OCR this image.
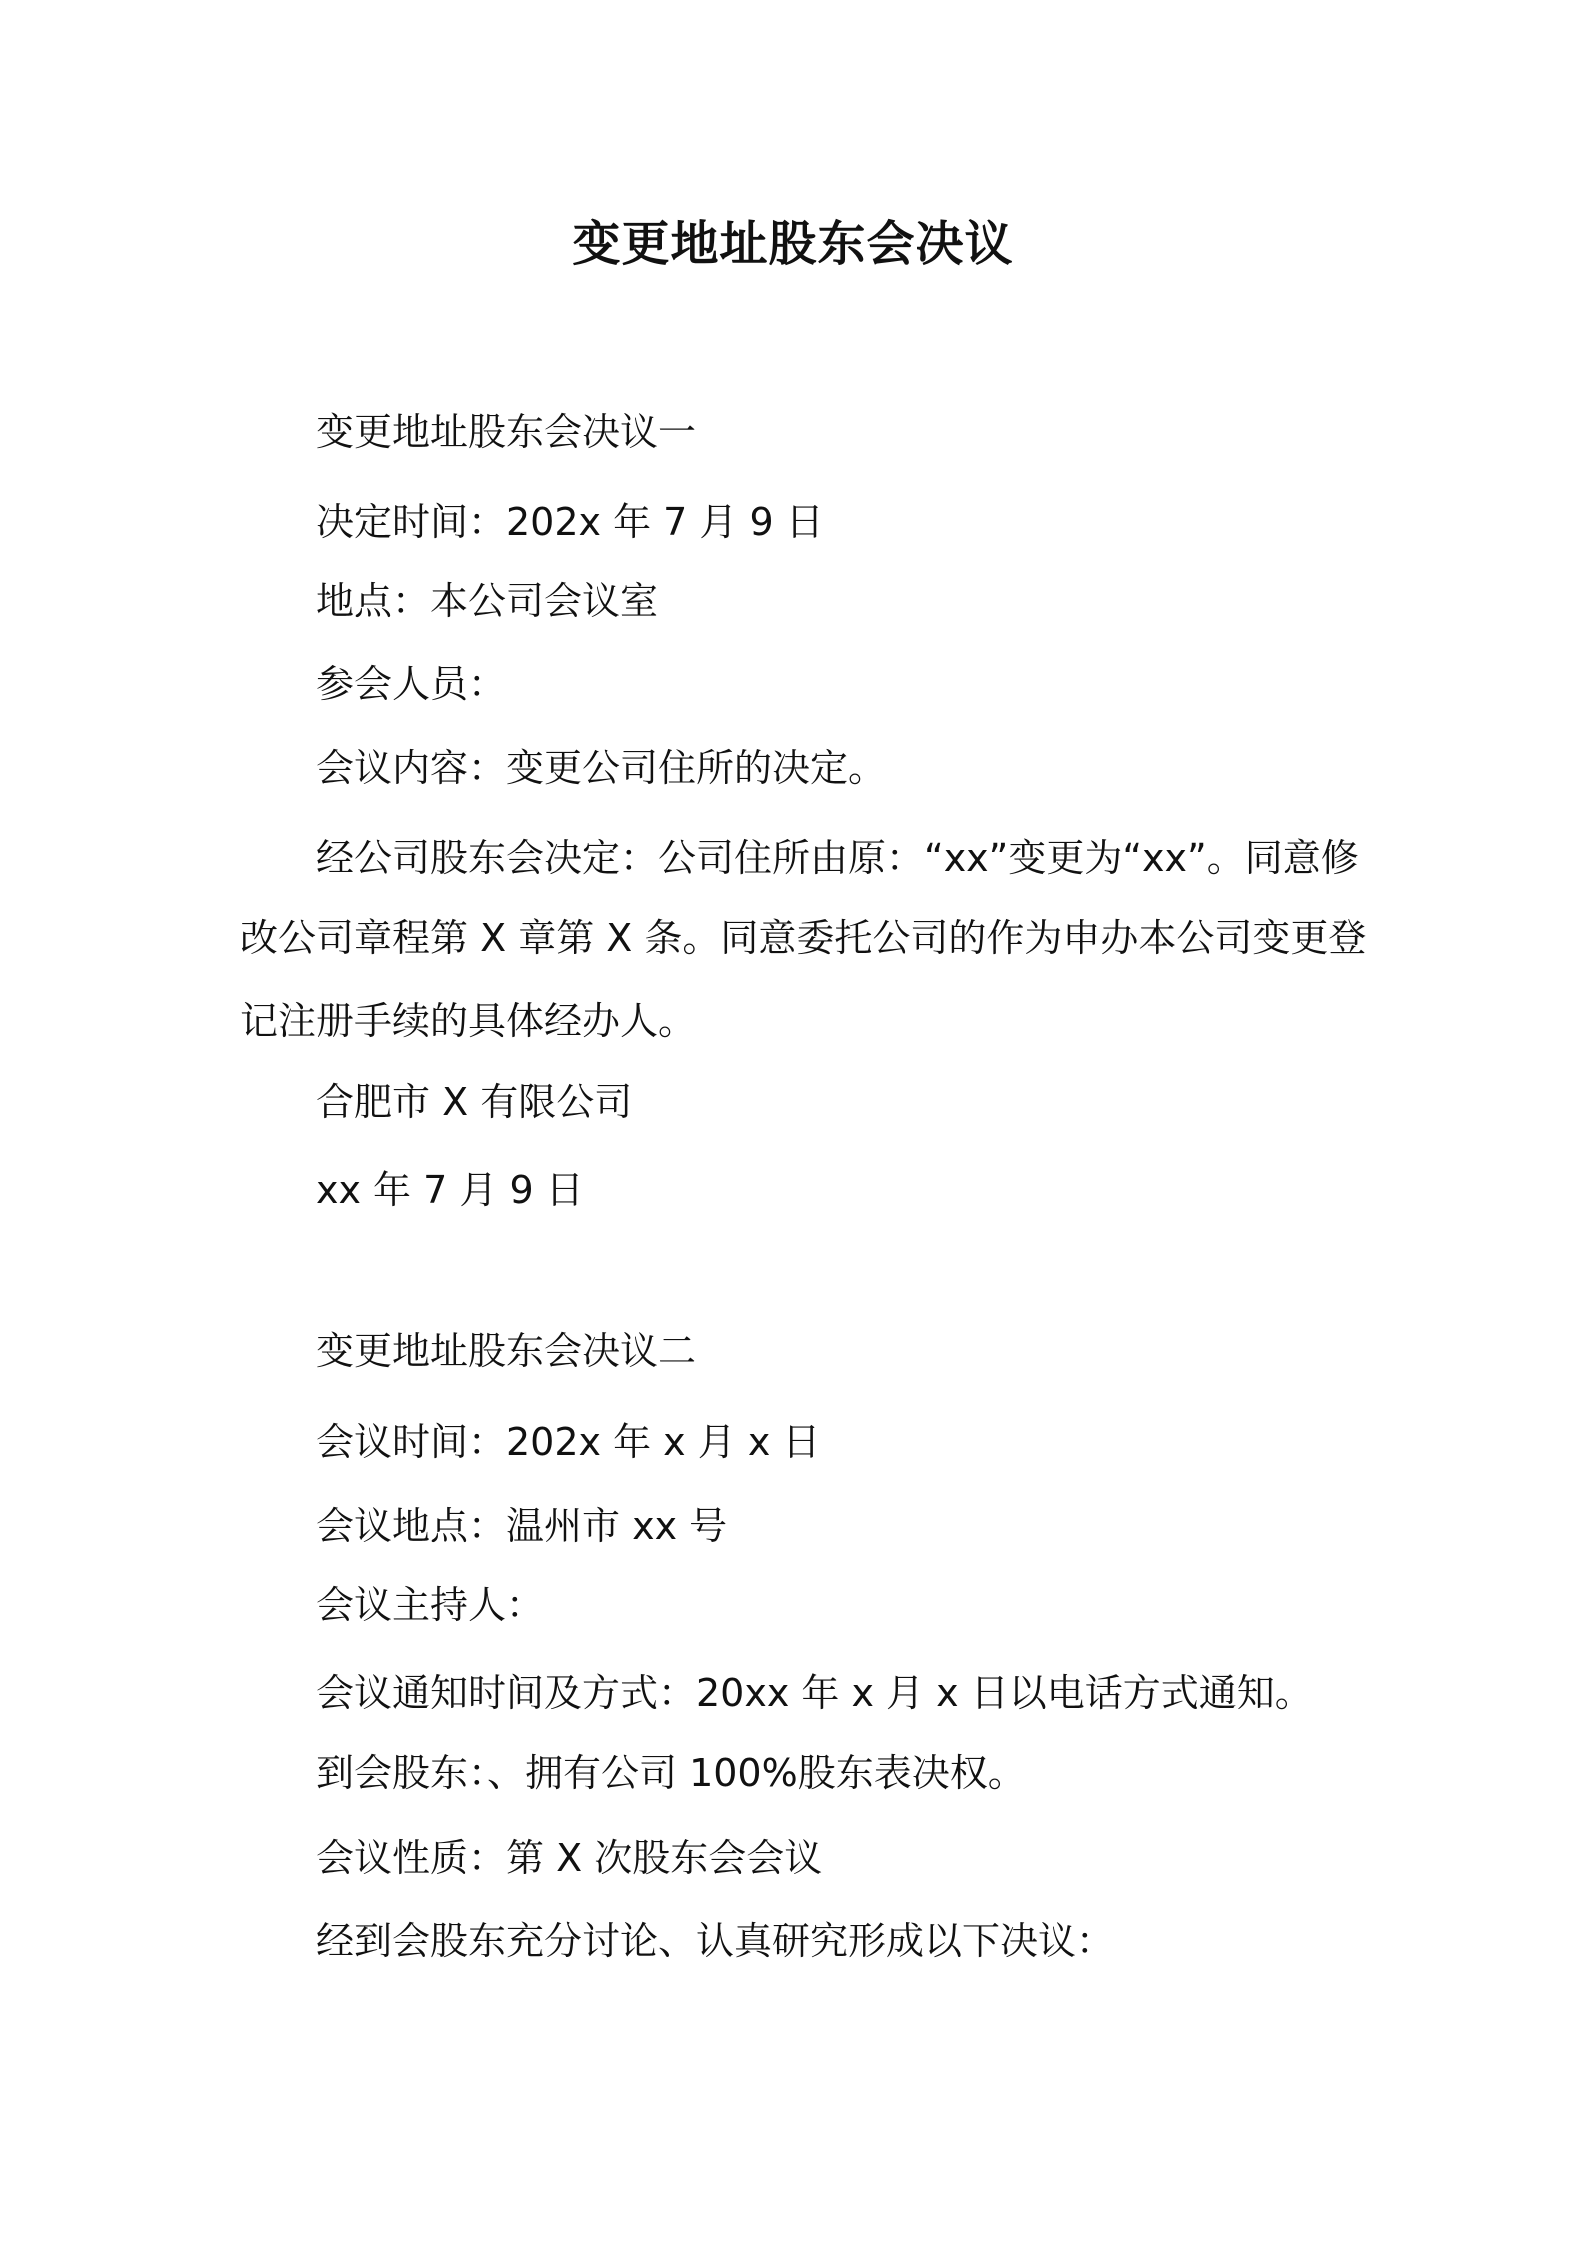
变更地址股东会决议
变更地址股东会决议一
决定时间：202x 年 7 月 9 日
地点：本公司会议室
参会人员：
会议内容：变更公司住所的决定。
经公司股东会决定：公司住所由原：“xx”变更为“xx”。同意修
改公司章程第 X 章第 X 条。同意委托公司的作为申办本公司变更登
记注册手续的具体经办人。
合肥市 X 有限公司
xx 年 7 月 9 日
变更地址股东会决议二
会议时间：202x 年 x 月 x 日
会议地点：温州市 xx 号
会议主持人：
会议通知时间及方式：20xx 年 x 月 x 日以电话方式通知。
到会股东：、拥有公司 100%股东表决权。
会议性质：第 X 次股东会会议
经到会股东充分讨论、认真研究形成以下决议：
